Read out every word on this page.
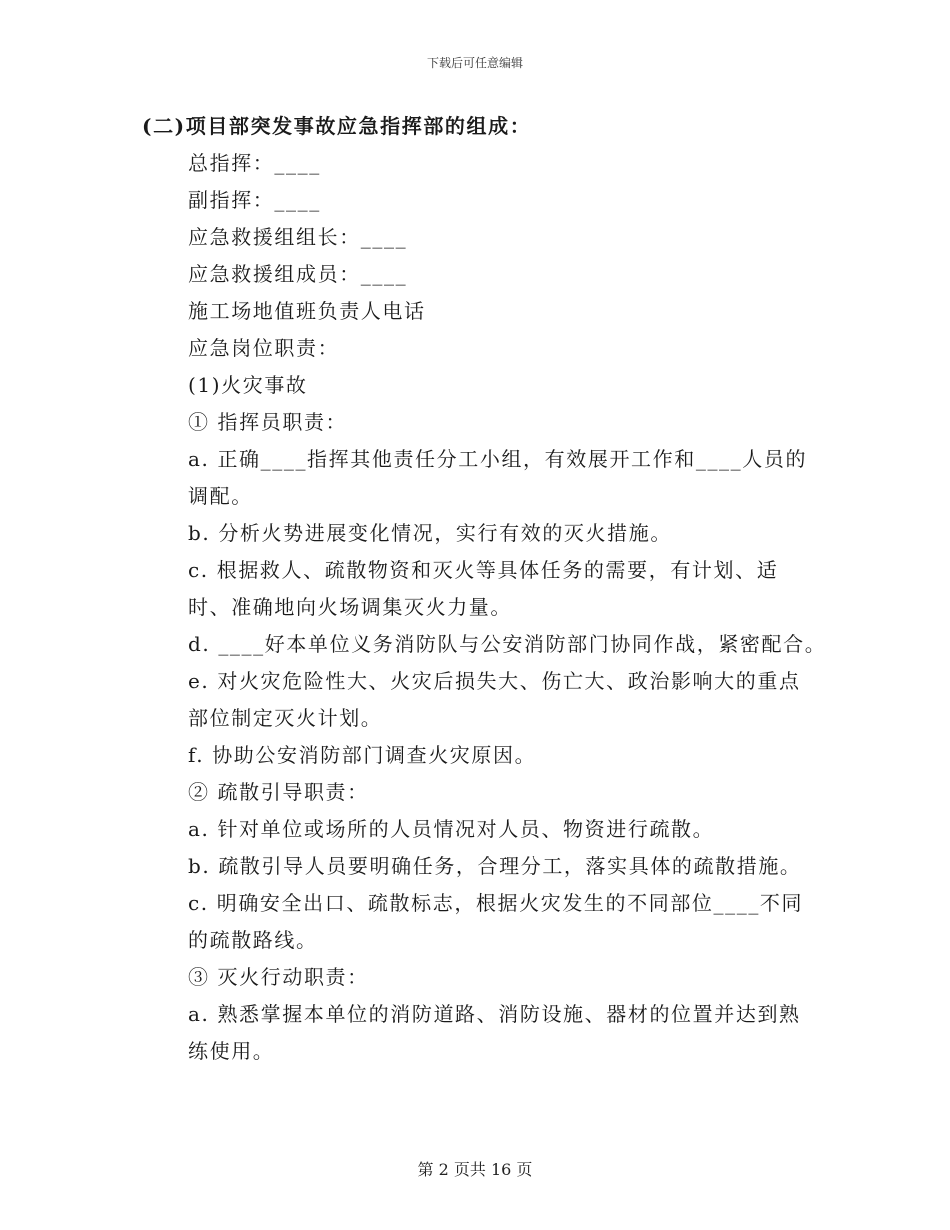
下载后可任意编辑
(二)项目部突发事故应急指挥部的组成：
总指挥：____
副指挥：____
应急救援组组长：____
应急救援组成员：____
施工场地值班负责人电话
应急岗位职责：
(1)火灾事故
① 指挥员职责：
a. 正确____指挥其他责任分工小组，有效展开工作和____人员的调配。
b. 分析火势进展变化情况，实行有效的灭火措施。
c. 根据救人、疏散物资和灭火等具体任务的需要，有计划、适时、准确地向火场调集灭火力量。
d. ____好本单位义务消防队与公安消防部门协同作战，紧密配合。
e. 对火灾危险性大、火灾后损失大、伤亡大、政治影响大的重点部位制定灭火计划。
f. 协助公安消防部门调查火灾原因。
② 疏散引导职责：
a. 针对单位或场所的人员情况对人员、物资进行疏散。
b. 疏散引导人员要明确任务，合理分工，落实具体的疏散措施。
c. 明确安全出口、疏散标志，根据火灾发生的不同部位____不同的疏散路线。
③ 灭火行动职责：
a. 熟悉掌握本单位的消防道路、消防设施、器材的位置并达到熟练使用。
第 2 页共 16 页
